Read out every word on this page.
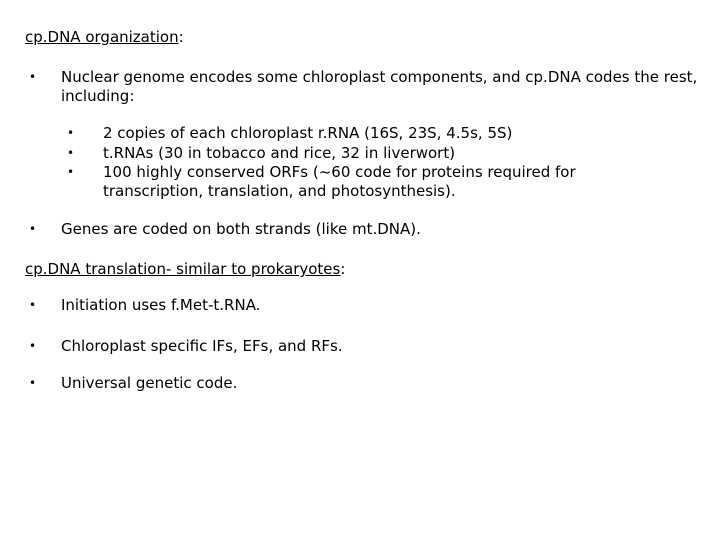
cp.DNA organization:
• Nuclear genome encodes some chloroplast components, and cp.DNA codes the rest, including:
• 2 copies of each chloroplast r.RNA (16S, 23S, 4.5s, 5S)
• t.RNAs (30 in tobacco and rice, 32 in liverwort)
• 100 highly conserved ORFs (~60 code for proteins required for transcription, translation, and photosynthesis).
• Genes are coded on both strands (like mt.DNA).
cp.DNA translation- similar to prokaryotes:
• Initiation uses f.Met-t.RNA.
• Chloroplast specific IFs, EFs, and RFs.
• Universal genetic code.
